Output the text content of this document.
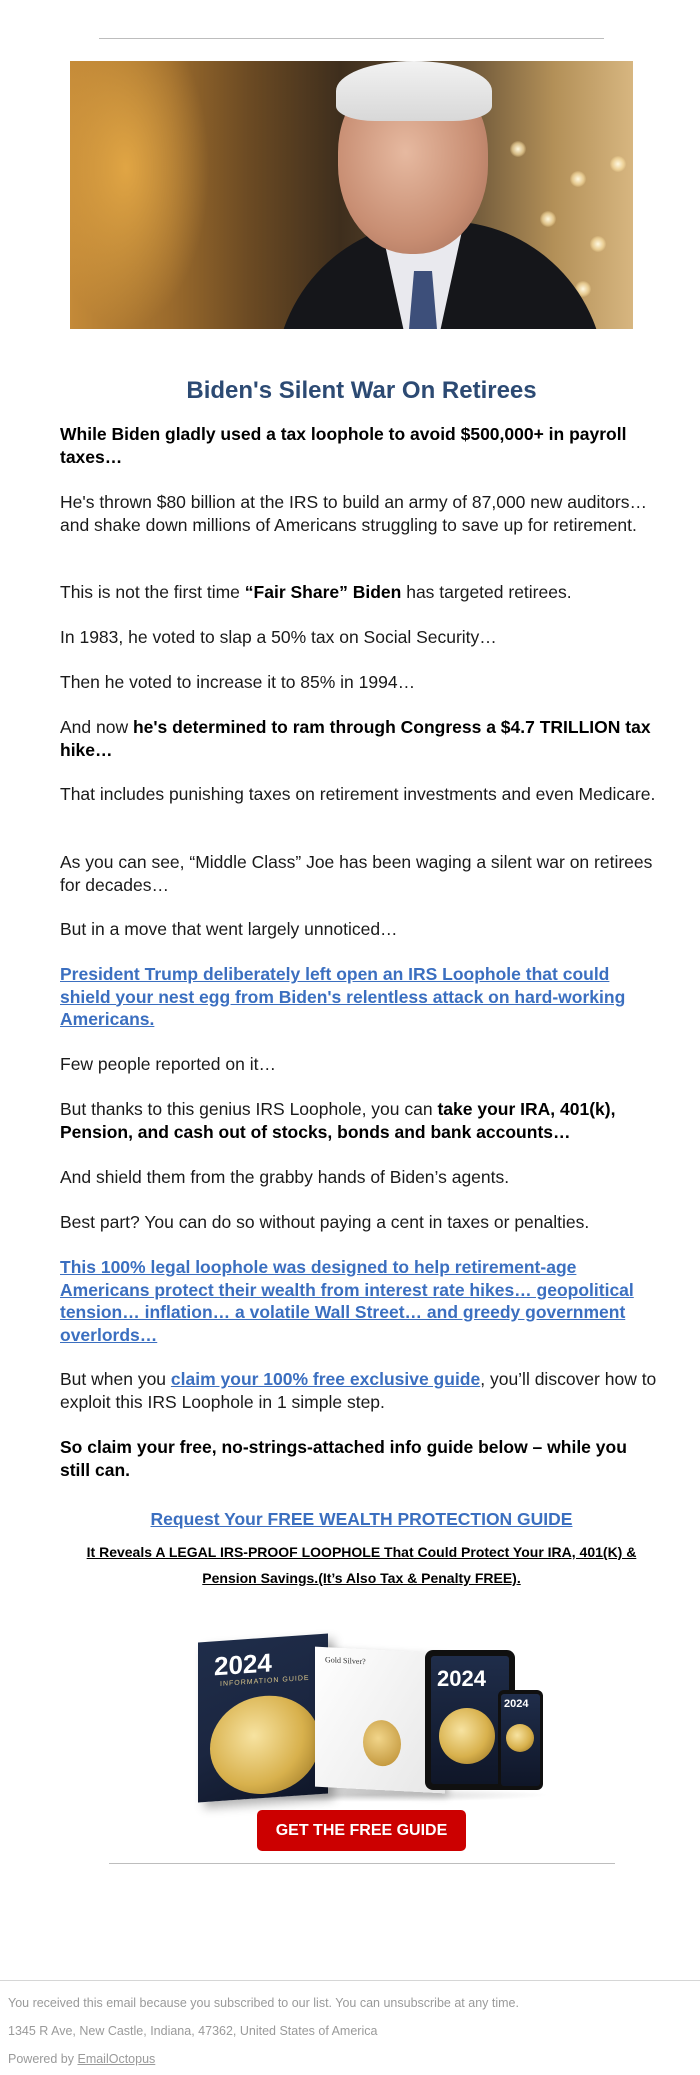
Biden's Silent War On Retirees

While Biden gladly used a tax loophole to avoid $500,000+ in payroll taxes…

He's thrown $80 billion at the IRS to build an army of 87,000 new auditors… and shake down millions of Americans struggling to save up for retirement.

This is not the first time “Fair Share” Biden has targeted retirees.

In 1983, he voted to slap a 50% tax on Social Security…

Then he voted to increase it to 85% in 1994…

And now he's determined to ram through Congress a $4.7 TRILLION tax hike…

That includes punishing taxes on retirement investments and even Medicare.

As you can see, “Middle Class” Joe has been waging a silent war on retirees for decades…

But in a move that went largely unnoticed…

President Trump deliberately left open an IRS Loophole that could shield your nest egg from Biden's relentless attack on hard-working Americans.

Few people reported on it…

But thanks to this genius IRS Loophole, you can take your IRA, 401(k), Pension, and cash out of stocks, bonds and bank accounts…

And shield them from the grabby hands of Biden’s agents.

Best part? You can do so without paying a cent in taxes or penalties.

This 100% legal loophole was designed to help retirement-age Americans protect their wealth from interest rate hikes… geopolitical tension… inflation… a volatile Wall Street… and greedy government overlords…

But when you claim your 100% free exclusive guide, you’ll discover how to exploit this IRS Loophole in 1 simple step.

So claim your free, no-strings-attached info guide below – while you still can.

Request Your FREE WEALTH PROTECTION GUIDE
It Reveals A LEGAL IRS-PROOF LOOPHOLE That Could Protect Your IRA, 401(K) & Pension Savings.(It’s Also Tax & Penalty FREE).
2024
INFORMATION GUIDE
Gold Silver?
2024
2024
GET THE FREE GUIDE

You received this email because you subscribed to our list. You can unsubscribe at any time.

1345 R Ave, New Castle, Indiana, 47362, United States of America

Powered by EmailOctopus
